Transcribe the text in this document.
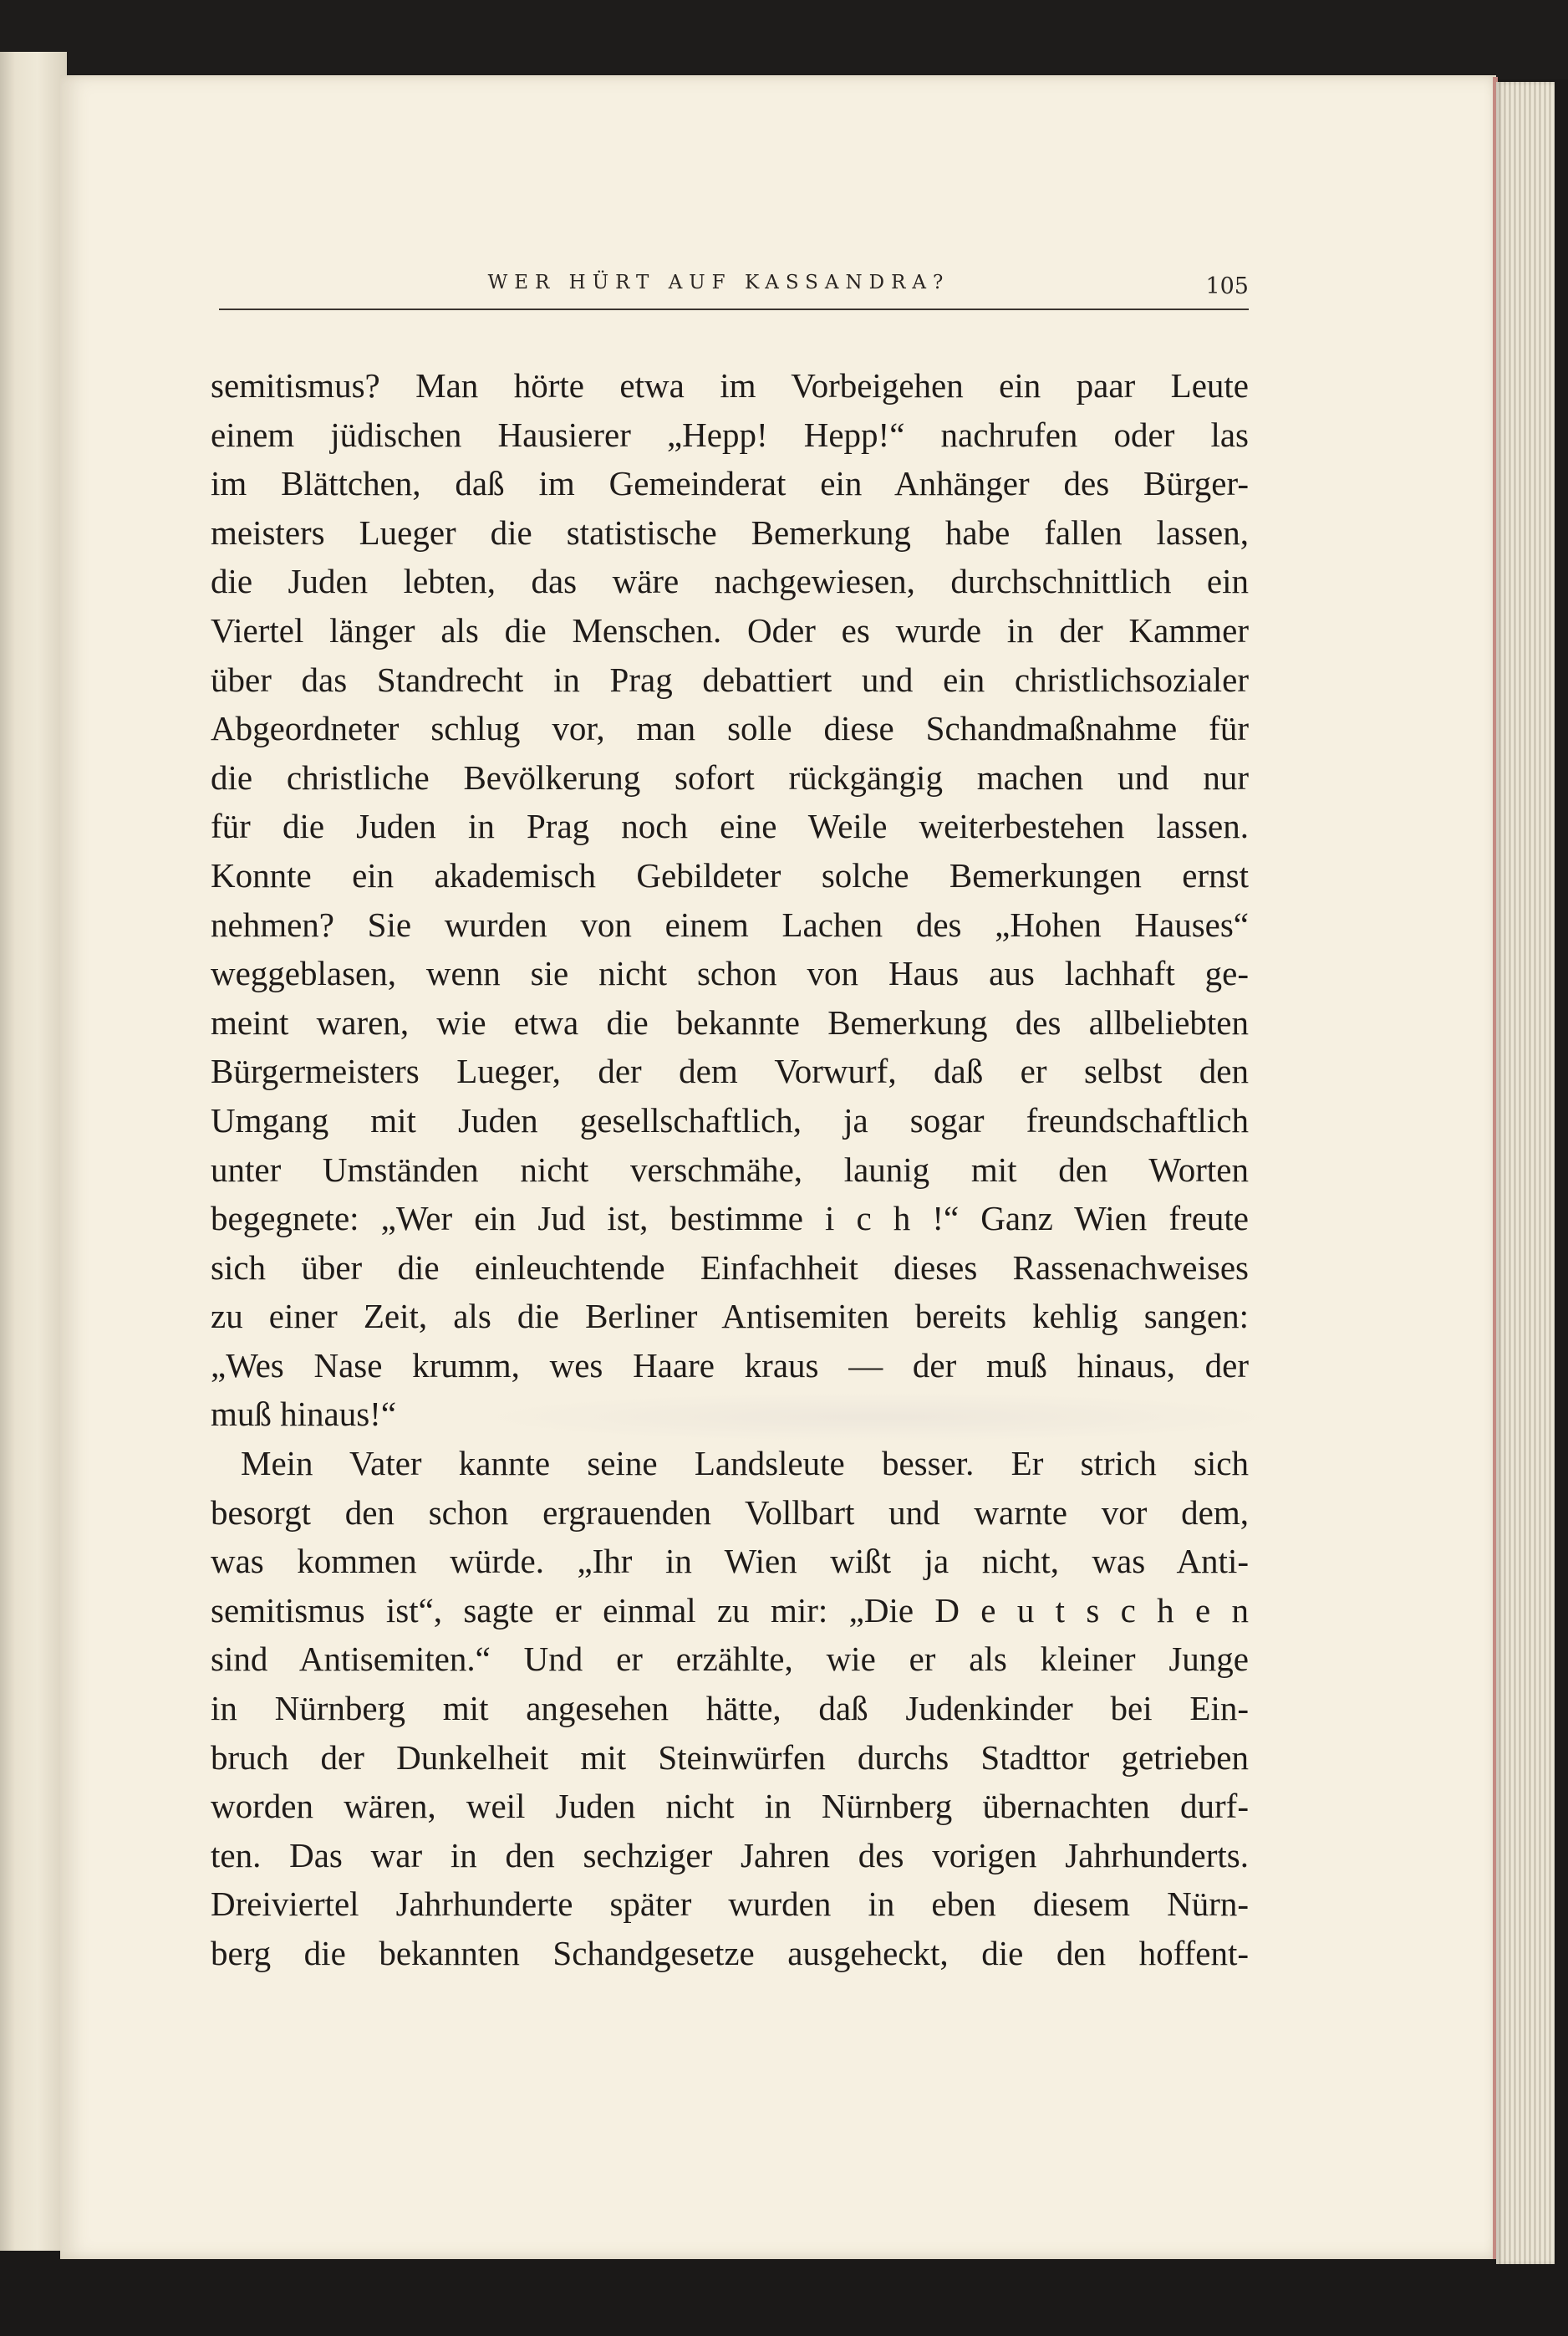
WER HÜRT AUF KASSANDRA?	105
semitismus? Man hörte etwa im Vorbeigehen ein paar Leute
einem jüdischen Hausierer „Hepp! Hepp!“ nachrufen oder las
im Blättchen, daß im Gemeinderat ein Anhänger des Bürger-
meisters Lueger die statistische Bemerkung habe fallen lassen,
die Juden lebten, das wäre nachgewiesen, durchschnittlich ein
Viertel länger als die Menschen. Oder es wurde in der Kammer
über das Standrecht in Prag debattiert und ein christlichsozialer
Abgeordneter schlug vor, man solle diese Schandmaßnahme für
die christliche Bevölkerung sofort rückgängig machen und nur
für die Juden in Prag noch eine Weile weiterbestehen lassen.
Konnte ein akademisch Gebildeter solche Bemerkungen ernst
nehmen? Sie wurden von einem Lachen des „Hohen Hauses“
weggeblasen, wenn sie nicht schon von Haus aus lachhaft ge-
meint waren, wie etwa die bekannte Bemerkung des allbeliebten
Bürgermeisters Lueger, der dem Vorwurf, daß er selbst den
Umgang mit Juden gesellschaftlich, ja sogar freundschaftlich
unter Umständen nicht verschmähe, launig mit den Worten
begegnete: „Wer ein Jud ist, bestimme i c h !“ Ganz Wien freute
sich über die einleuchtende Einfachheit dieses Rassenachweises
zu einer Zeit, als die Berliner Antisemiten bereits kehlig sangen:
„Wes Nase krumm, wes Haare kraus — der muß hinaus, der
muß hinaus!“
Mein Vater kannte seine Landsleute besser. Er strich sich
besorgt den schon ergrauenden Vollbart und warnte vor dem,
was kommen würde. „Ihr in Wien wißt ja nicht, was Anti-
semitismus ist“, sagte er einmal zu mir: „Die D e u t s c h e n
sind Antisemiten.“ Und er erzählte, wie er als kleiner Junge
in Nürnberg mit angesehen hätte, daß Judenkinder bei Ein-
bruch der Dunkelheit mit Steinwürfen durchs Stadttor getrieben
worden wären, weil Juden nicht in Nürnberg übernachten durf-
ten. Das war in den sechziger Jahren des vorigen Jahrhunderts.
Dreiviertel Jahrhunderte später wurden in eben diesem Nürn-
berg die bekannten Schandgesetze ausgeheckt, die den hoffent-
